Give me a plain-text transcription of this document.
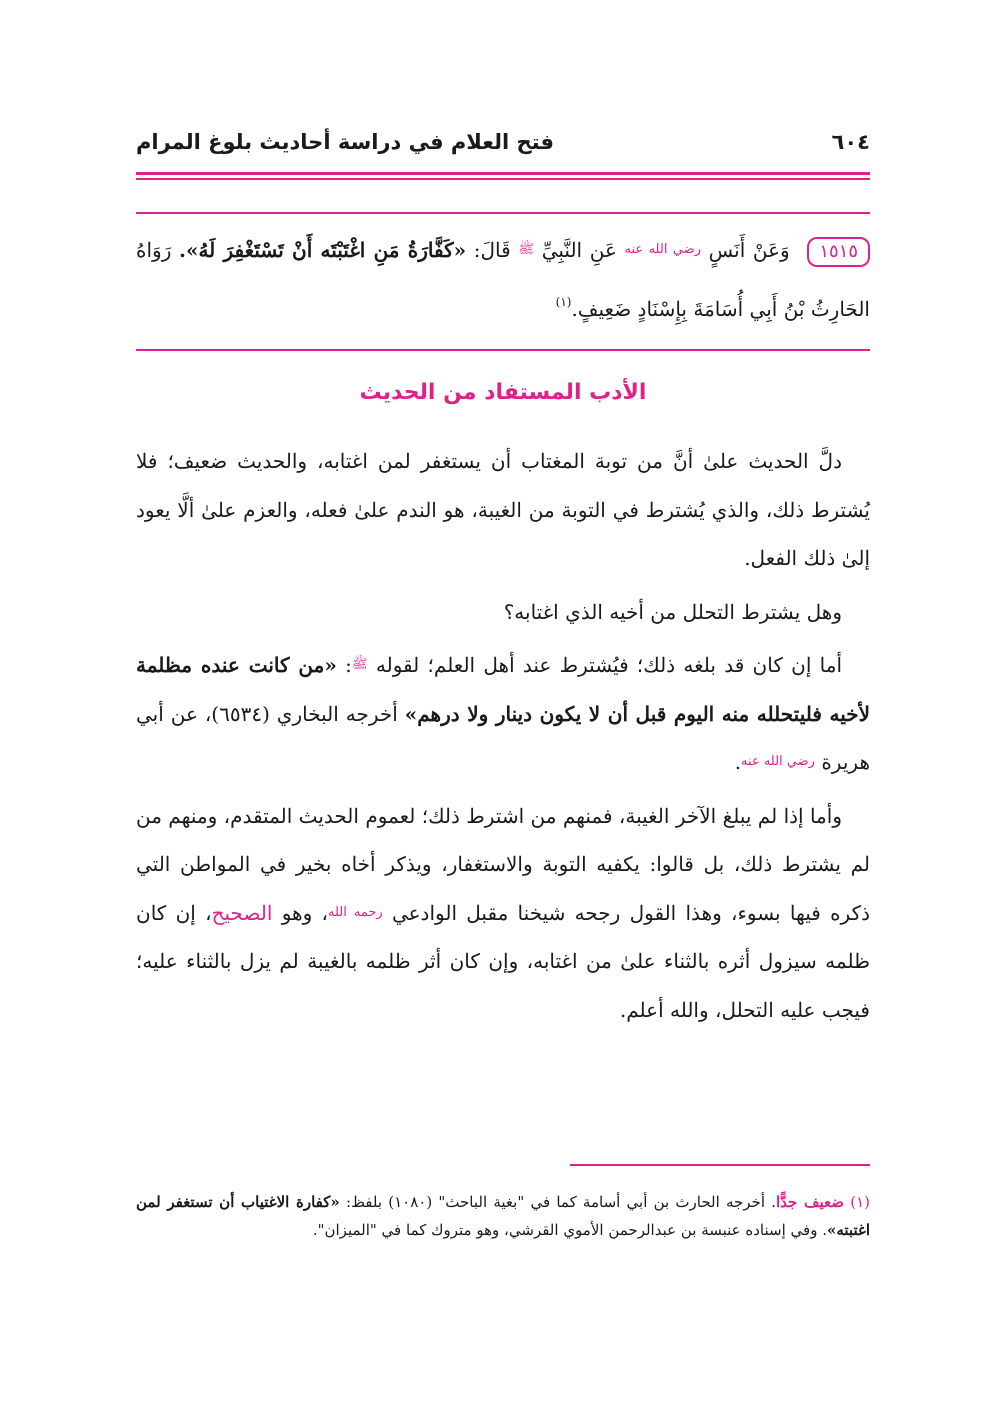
فتح العلام في دراسة أحاديث بلوغ المرام	٦٠٤
١٥١٥ وَعَنْ أَنَسٍ $^{رضي الله عنه}$ عَنِ النَّبِيِّ $^ﷺ$ قَالَ: «كَفَّارَةُ مَنِ اغْتَبْتَه أَنْ تَسْتَغْفِرَ لَهُ». رَوَاهُ الحَارِثُ بْنُ أَبِي أُسَامَةَ بِإِسْنَادٍ ضَعِيفٍ.$^{(١)}$
الأدب المستفاد من الحديث

دلَّ الحديث علىٰ أنَّ من توبة المغتاب أن يستغفر لمن اغتابه، والحديث ضعيف؛ فلا يُشترط ذلك، والذي يُشترط في التوبة من الغيبة، هو الندم علىٰ فعله، والعزم علىٰ ألَّا يعود إلىٰ ذلك الفعل.

وهل يشترط التحلل من أخيه الذي اغتابه؟

أما إن كان قد بلغه ذلك؛ فيُشترط عند أهل العلم؛ لقوله $^ﷺ$: «من كانت عنده مظلمة لأخيه فليتحلله منه اليوم قبل أن لا يكون دينار ولا درهم» أخرجه البخاري (٦٥٣٤)، عن أبي هريرة $^{رضي الله عنه}$.

وأما إذا لم يبلغ الآخر الغيبة، فمنهم من اشترط ذلك؛ لعموم الحديث المتقدم، ومنهم من لم يشترط ذلك، بل قالوا: يكفيه التوبة والاستغفار، ويذكر أخاه بخير في المواطن التي ذكره فيها بسوء، وهذا القول رجحه شيخنا مقبل الوادعي $^{رحمه الله}$، وهو الصحيح، إن كان ظلمه سيزول أثره بالثناء علىٰ من اغتابه، وإن كان أثر ظلمه بالغيبة لم يزل بالثناء عليه؛ فيجب عليه التحلل، والله أعلم.

(١) ضعيف جدًّا. أخرجه الحارث بن أبي أسامة كما في "بغية الباحث" (١٠٨٠) بلفظ: «كفارة الاغتياب أن تستغفر لمن اغتبته». وفي إسناده عنبسة بن عبدالرحمن الأموي القرشي، وهو متروك كما في "الميزان".
